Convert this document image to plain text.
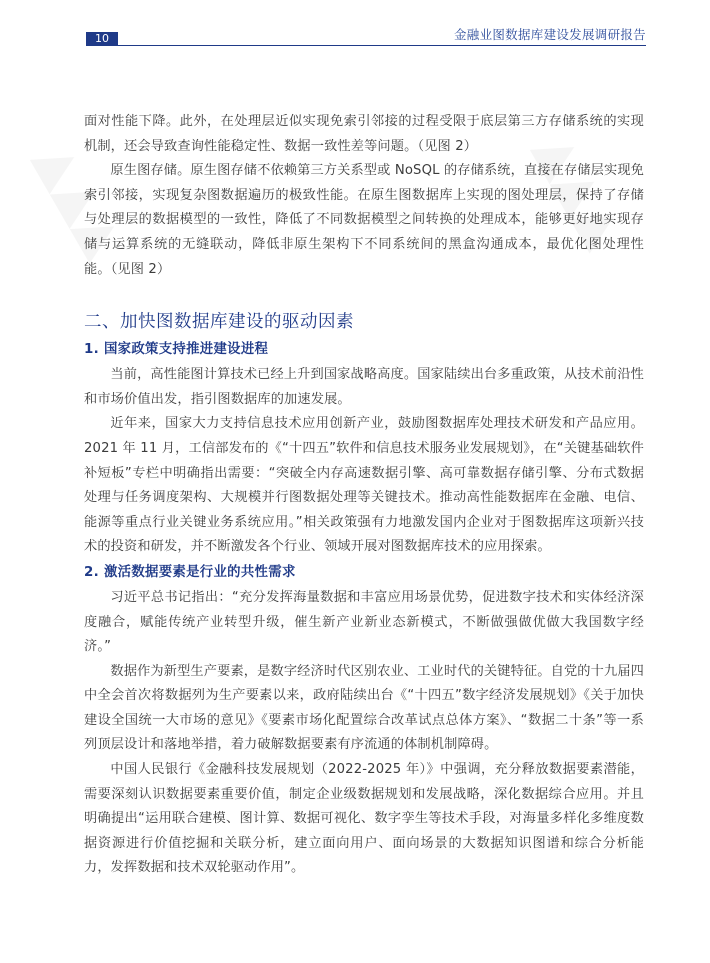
10	金融业图数据库建设发展调研报告
▲▲▲	▲▲▲

面对性能下降。此外，在处理层近似实现免索引邻接的过程受限于底层第三方存储系统的实现机制，还会导致查询性能稳定性、数据一致性差等问题。（见图 2）

原生图存储。原生图存储不依赖第三方关系型或 NoSQL 的存储系统，直接在存储层实现免索引邻接，实现复杂图数据遍历的极致性能。在原生图数据库上实现的图处理层，保持了存储与处理层的数据模型的一致性，降低了不同数据模型之间转换的处理成本，能够更好地实现存储与运算系统的无缝联动，降低非原生架构下不同系统间的黑盒沟通成本，最优化图处理性能。（见图 2）

二、加快图数据库建设的驱动因素
1. 国家政策支持推进建设进程

当前，高性能图计算技术已经上升到国家战略高度。国家陆续出台多重政策，从技术前沿性和市场价值出发，指引图数据库的加速发展。

近年来，国家大力支持信息技术应用创新产业，鼓励图数据库处理技术研发和产品应用。2021 年 11 月，工信部发布的《“十四五”软件和信息技术服务业发展规划》，在“关键基础软件补短板”专栏中明确指出需要：“突破全内存高速数据引擎、高可靠数据存储引擎、分布式数据处理与任务调度架构、大规模并行图数据处理等关键技术。推动高性能数据库在金融、电信、能源等重点行业关键业务系统应用。”相关政策强有力地激发国内企业对于图数据库这项新兴技术的投资和研发，并不断激发各个行业、领域开展对图数据库技术的应用探索。

2. 激活数据要素是行业的共性需求

习近平总书记指出：“充分发挥海量数据和丰富应用场景优势，促进数字技术和实体经济深度融合，赋能传统产业转型升级，催生新产业新业态新模式，不断做强做优做大我国数字经济。”

数据作为新型生产要素，是数字经济时代区别农业、工业时代的关键特征。自党的十九届四中全会首次将数据列为生产要素以来，政府陆续出台《“十四五”数字经济发展规划》《关于加快建设全国统一大市场的意见》《要素市场化配置综合改革试点总体方案》、“数据二十条”等一系列顶层设计和落地举措，着力破解数据要素有序流通的体制机制障碍。

中国人民银行《金融科技发展规划（2022-2025 年）》中强调，充分释放数据要素潜能，需要深刻认识数据要素重要价值，制定企业级数据规划和发展战略，深化数据综合应用。并且明确提出“运用联合建模、图计算、数据可视化、数字孪生等技术手段，对海量多样化多维度数据资源进行价值挖掘和关联分析，建立面向用户、面向场景的大数据知识图谱和综合分析能力，发挥数据和技术双轮驱动作用”。
